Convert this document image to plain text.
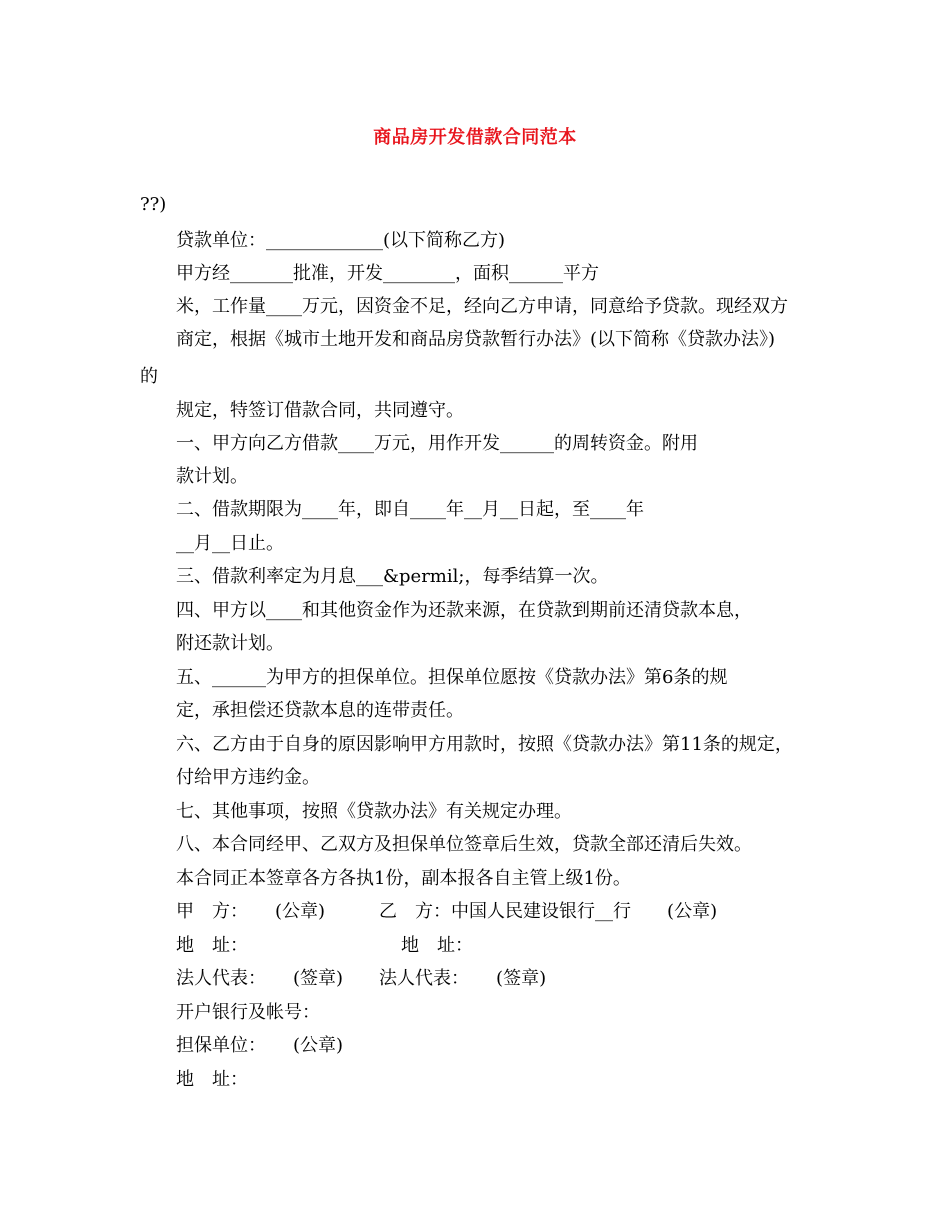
商品房开发借款合同范本
??)
贷款单位：_____________(以下简称乙方)
甲方经_______批准，开发________，面积______平方
米，工作量____万元，因资金不足，经向乙方申请，同意给予贷款。现经双方
商定，根据《城市土地开发和商品房贷款暂行办法》(以下简称《贷款办法》)
的
规定，特签订借款合同，共同遵守。
一、甲方向乙方借款____万元，用作开发______的周转资金。附用
款计划。
二、借款期限为____年，即自____年__月__日起，至____年
__月__日止。
三、借款利率定为月息___&permil;，每季结算一次。
四、甲方以____和其他资金作为还款来源，在贷款到期前还清贷款本息，
附还款计划。
五、______为甲方的担保单位。担保单位愿按《贷款办法》第6条的规
定，承担偿还贷款本息的连带责任。
六、乙方由于自身的原因影响甲方用款时，按照《贷款办法》第11条的规定，
付给甲方违约金。
七、其他事项，按照《贷款办法》有关规定办理。
八、本合同经甲、乙双方及担保单位签章后生效，贷款全部还清后失效。
本合同正本签章各方各执1份，副本报各自主管上级1份。
甲　方：　　(公章)　　　乙　方：中国人民建设银行__行　　(公章)
地　址：　　　　　　　　　地　址：
法人代表：　　(签章)　　法人代表：　　(签章)
开户银行及帐号：
担保单位：　　(公章)
地　址：
